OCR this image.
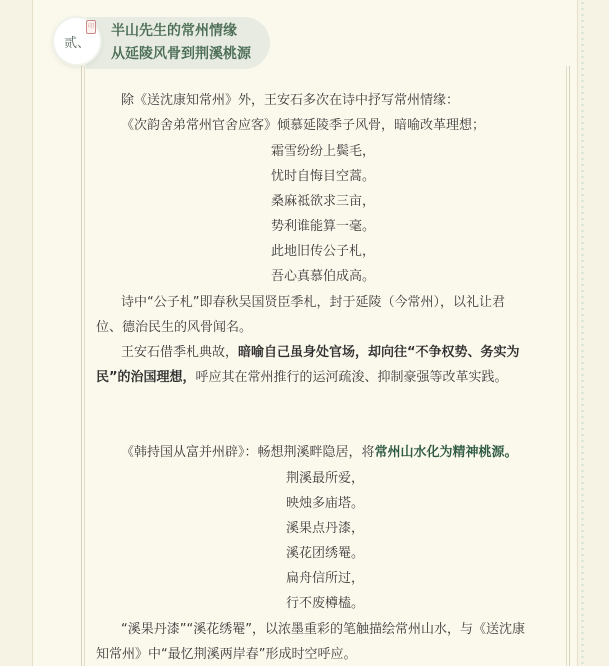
贰、
印 半山先生的常州情缘
从延陵风骨到荆溪桃源
除《送沈康知常州》外，王安石多次在诗中抒写常州情缘：
《次韵舍弟常州官舍应客》倾慕延陵季子风骨，暗喻改革理想；
霜雪纷纷上鬓毛，
忧时自悔目空蒿。
桑麻祗欲求三亩，
势利谁能算一毫。
此地旧传公子札，
吾心真慕伯成高。
诗中“公子札”即春秋吴国贤臣季札，封于延陵（今常州），以礼让君
位、德治民生的风骨闻名。
王安石借季札典故，暗喻自己虽身处官场，却向往“不争权势、务实为
民”的治国理想，呼应其在常州推行的运河疏浚、抑制豪强等改革实践。
《韩持国从富并州辟》：畅想荆溪畔隐居，将常州山水化为精神桃源。
荆溪最所爱，
映烛多庙塔。
溪果点丹漆，
溪花团绣罨。
扁舟信所过，
行不废樽榼。
“溪果丹漆”“溪花绣罨”，以浓墨重彩的笔触描绘常州山水，与《送沈康
知常州》中“最忆荆溪两岸春”形成时空呼应。
